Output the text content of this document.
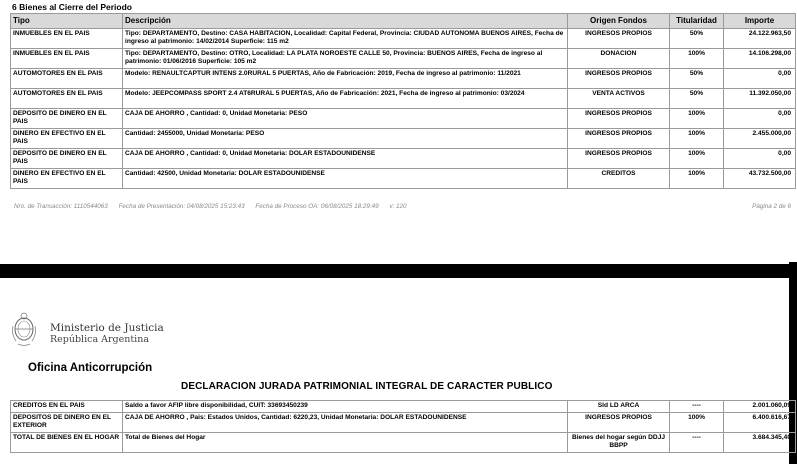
6 Bienes al Cierre del Periodo
Tipo	Descripción	Origen Fondos	Titularidad	Importe
INMUEBLES EN EL PAIS	Tipo: DEPARTAMENTO, Destino: CASA HABITACION, Localidad: Capital Federal, Provincia: CIUDAD AUTONOMA BUENOS AIRES, Fecha de ingreso al patrimonio: 14/02/2014 Superficie: 115 m2	INGRESOS PROPIOS	50%	24.122.963,50
INMUEBLES EN EL PAIS	Tipo: DEPARTAMENTO, Destino: OTRO, Localidad: LA PLATA NOROESTE CALLE 50, Provincia: BUENOS AIRES, Fecha de ingreso al patrimonio: 01/06/2016 Superficie: 105 m2	DONACION	100%	14.106.298,00
AUTOMOTORES EN EL PAIS	Modelo: RENAULTCAPTUR INTENS 2.0RURAL 5 PUERTAS, Año de Fabricación: 2019, Fecha de ingreso al patrimonio: 11/2021	INGRESOS PROPIOS	50%	0,00
AUTOMOTORES EN EL PAIS	Modelo: JEEPCOMPASS SPORT 2.4 AT6RURAL 5 PUERTAS, Año de Fabricación: 2021, Fecha de ingreso al patrimonio: 03/2024	VENTA ACTIVOS	50%	11.392.050,00
DEPOSITO DE DINERO EN EL PAIS	CAJA DE AHORRO , Cantidad: 0, Unidad Monetaria: PESO	INGRESOS PROPIOS	100%	0,00
DINERO EN EFECTIVO EN EL PAIS	Cantidad: 2455000, Unidad Monetaria: PESO	INGRESOS PROPIOS	100%	2.455.000,00
DEPOSITO DE DINERO EN EL PAIS	CAJA DE AHORRO , Cantidad: 0, Unidad Monetaria: DOLAR ESTADOUNIDENSE	INGRESOS PROPIOS	100%	0,00
DINERO EN EFECTIVO EN EL PAIS	Cantidad: 42500, Unidad Monetaria: DOLAR ESTADOUNIDENSE	CREDITOS	100%	43.732.500,00
Nro. de Transacción: 1110544063 Fecha de Presentación: 04/08/2025 15:23:43 Fecha de Proceso OA: 06/08/2025 18:29:49 v: 120	Página 2 de 6
Ministerio de Justicia
República Argentina
Oficina Anticorrupción
DECLARACION JURADA PATRIMONIAL INTEGRAL DE CARACTER PUBLICO
CREDITOS EN EL PAIS	Saldo a favor AFIP libre disponibilidad, CUIT: 33693450239	Sld LD ARCA	----	2.001.060,09
DEPOSITOS DE DINERO EN EL EXTERIOR	CAJA DE AHORRO , Pais: Estados Unidos, Cantidad: 6220,23, Unidad Monetaria: DOLAR ESTADOUNIDENSE	INGRESOS PROPIOS	100%	6.400.616,67
TOTAL DE BIENES EN EL HOGAR	Total de Bienes del Hogar	Bienes del hogar según DDJJ BBPP	----	3.684.345,40
